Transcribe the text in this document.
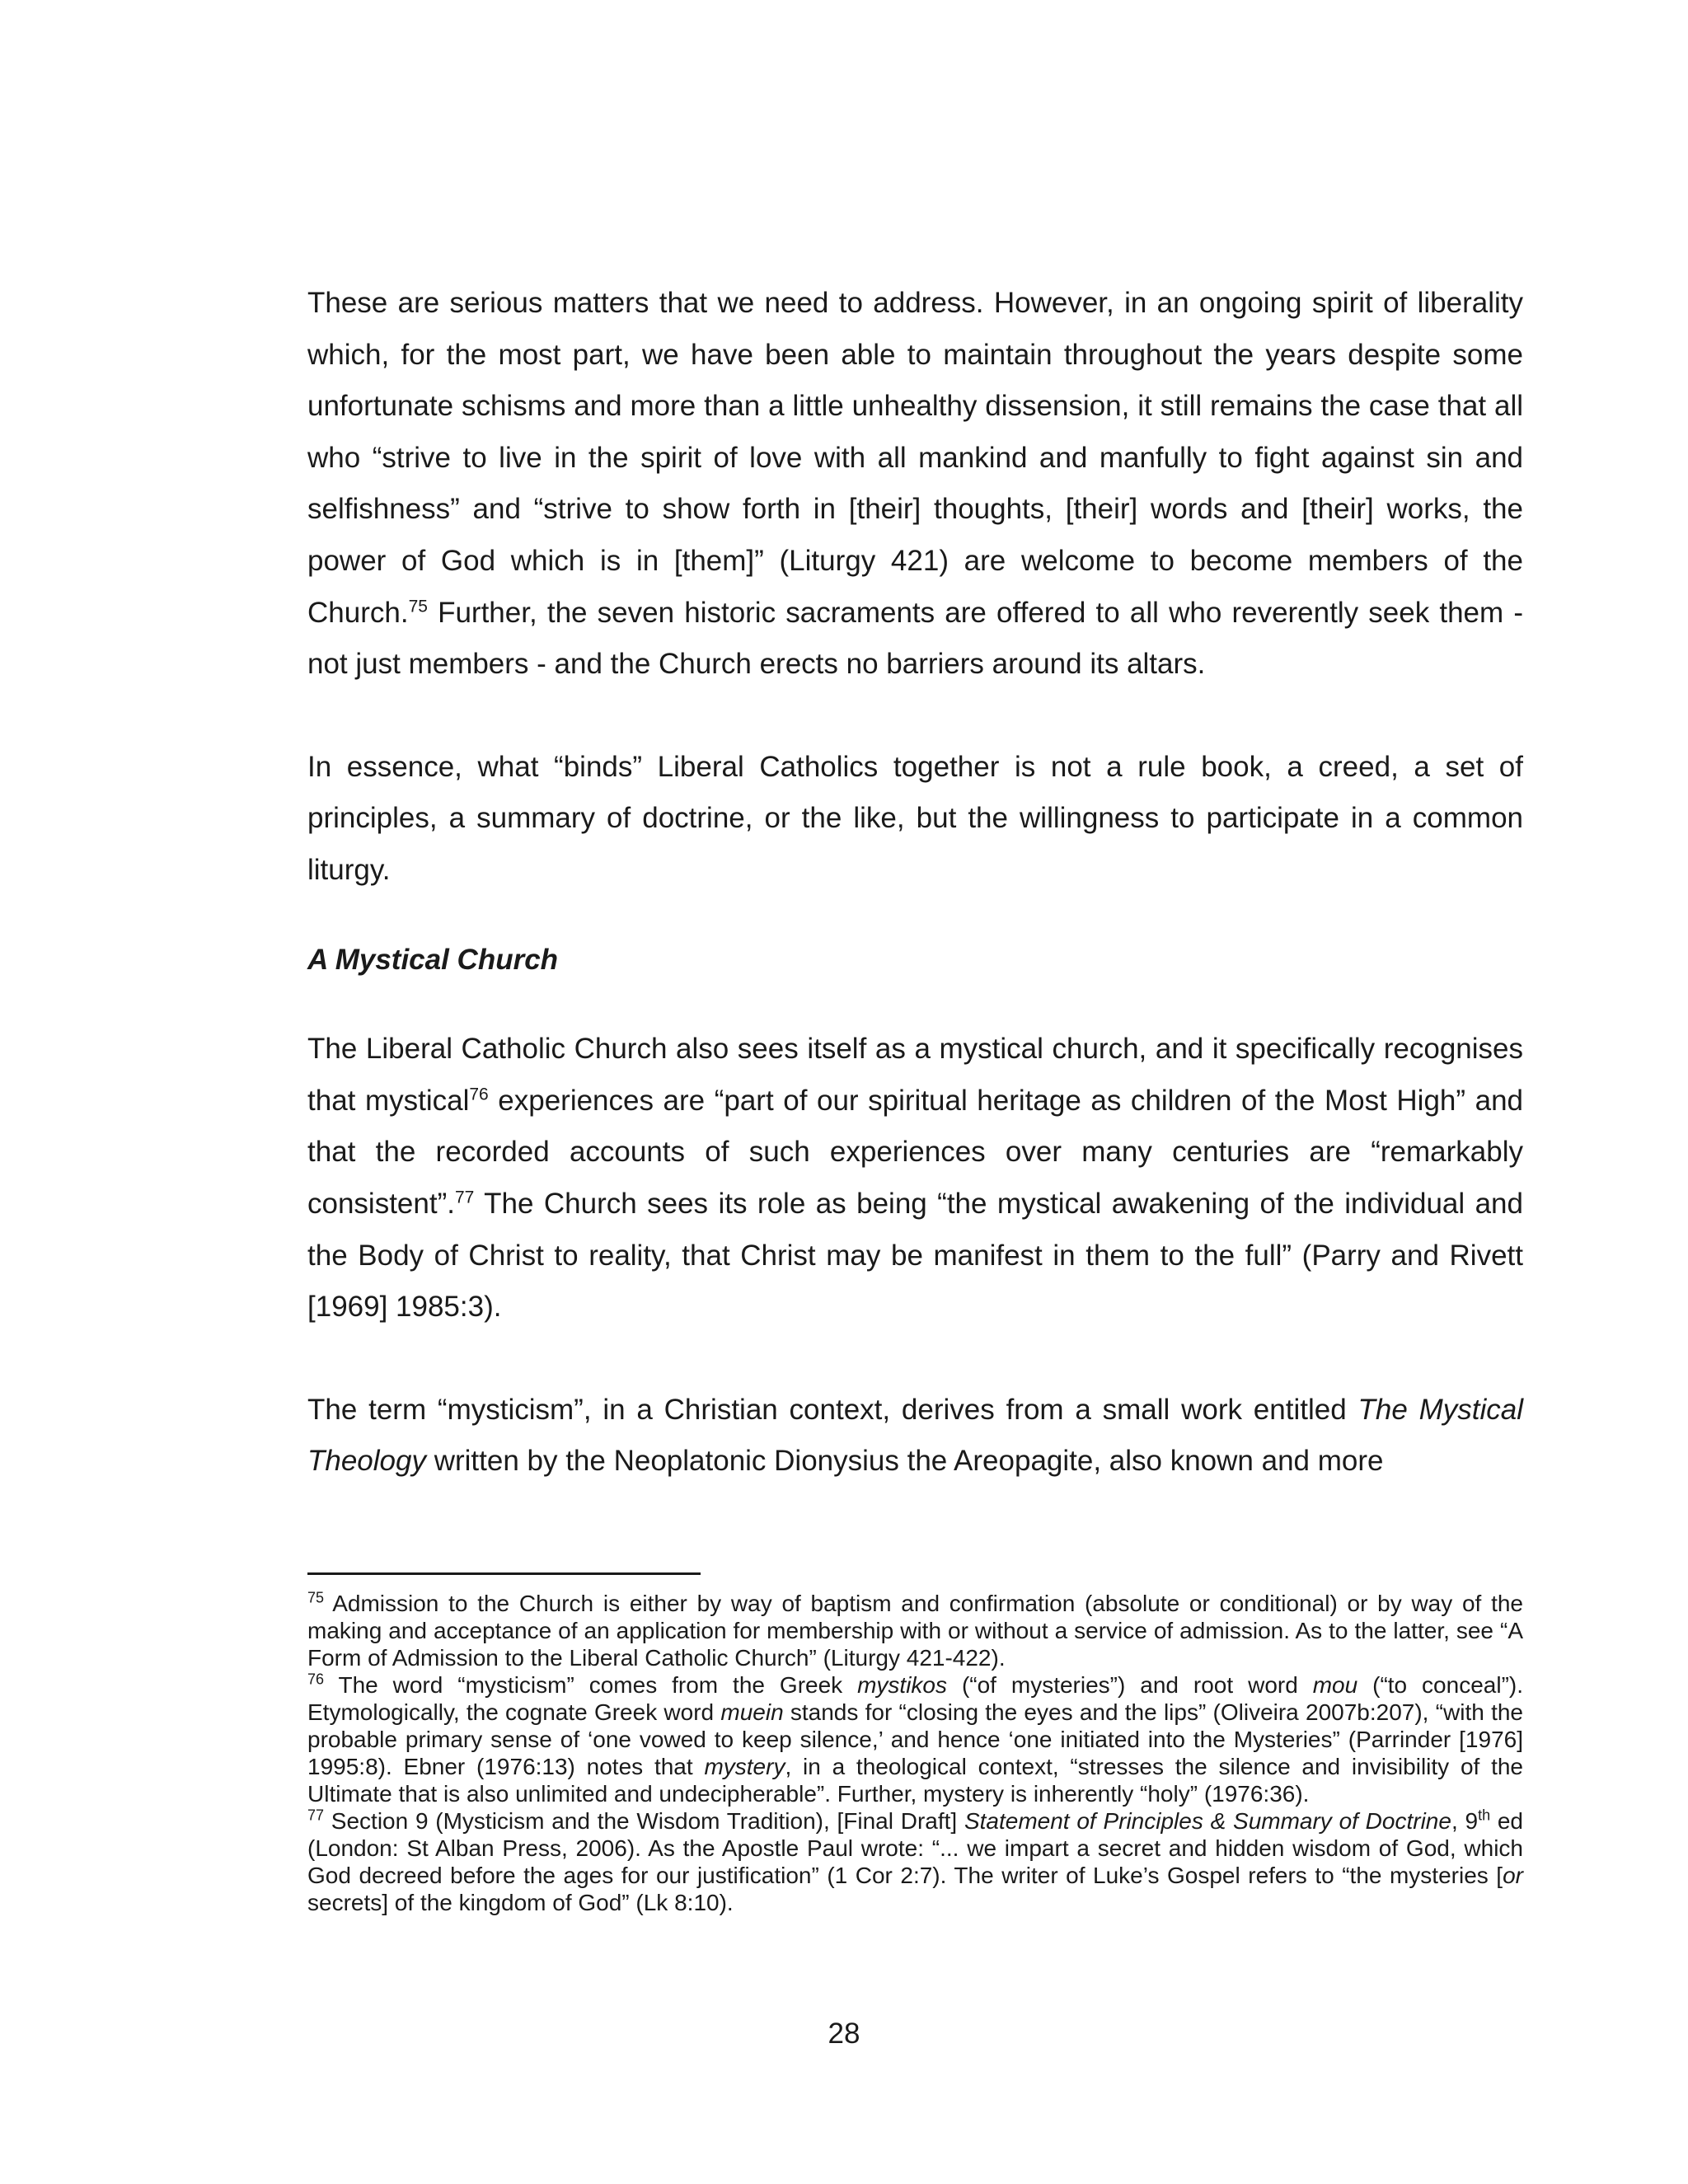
These are serious matters that we need to address. However, in an ongoing spirit of liberality which, for the most part, we have been able to maintain throughout the years despite some unfortunate schisms and more than a little unhealthy dissension, it still remains the case that all who “strive to live in the spirit of love with all mankind and manfully to fight against sin and selfishness” and “strive to show forth in [their] thoughts, [their] words and [their] works, the power of God which is in [them]” (Liturgy 421) are welcome to become members of the Church.$^{75}$ Further, the seven historic sacraments are offered to all who reverently seek them - not just members - and the Church erects no barriers around its altars.

In essence, what “binds” Liberal Catholics together is not a rule book, a creed, a set of principles, a summary of doctrine, or the like, but the willingness to participate in a common liturgy.

A Mystical Church

The Liberal Catholic Church also sees itself as a mystical church, and it specifically recognises that mystical$^{76}$ experiences are “part of our spiritual heritage as children of the Most High” and that the recorded accounts of such experiences over many centuries are “remarkably consistent”.$^{77}$ The Church sees its role as being “the mystical awakening of the individual and the Body of Christ to reality, that Christ may be manifest in them to the full” (Parry and Rivett [1969] 1985:3).

The term “mysticism”, in a Christian context, derives from a small work entitled The Mystical Theology written by the Neoplatonic Dionysius the Areopagite, also known and more

$^{75}$ Admission to the Church is either by way of baptism and confirmation (absolute or conditional) or by way of the making and acceptance of an application for membership with or without a service of admission. As to the latter, see “A Form of Admission to the Liberal Catholic Church” (Liturgy 421-422).

$^{76}$ The word “mysticism” comes from the Greek mystikos (“of mysteries”) and root word mou (“to conceal”). Etymologically, the cognate Greek word muein stands for “closing the eyes and the lips” (Oliveira 2007b:207), “with the probable primary sense of ‘one vowed to keep silence,’ and hence ‘one initiated into the Mysteries” (Parrinder [1976] 1995:8). Ebner (1976:13) notes that mystery, in a theological context, “stresses the silence and invisibility of the Ultimate that is also unlimited and undecipherable”. Further, mystery is inherently “holy” (1976:36).

$^{77}$ Section 9 (Mysticism and the Wisdom Tradition), [Final Draft] Statement of Principles & Summary of Doctrine, 9th ed (London: St Alban Press, 2006). As the Apostle Paul wrote: “... we impart a secret and hidden wisdom of God, which God decreed before the ages for our justification” (1 Cor 2:7). The writer of Luke’s Gospel refers to “the mysteries [or secrets] of the kingdom of God” (Lk 8:10).

28
